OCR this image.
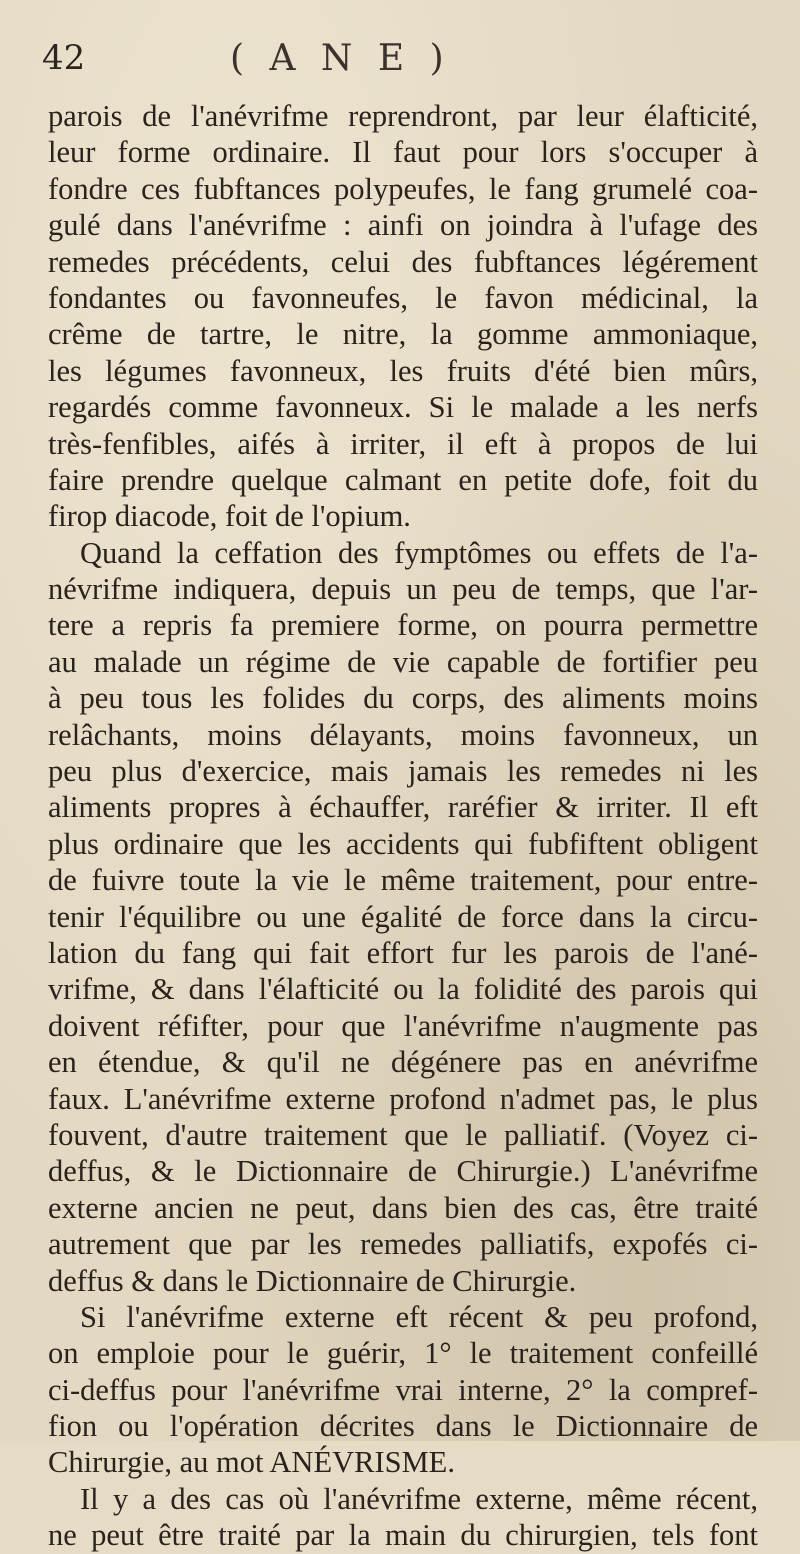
42	( A N E )
parois de l'anévrifme reprendront, par leur élafticité,
leur forme ordinaire. Il faut pour lors s'occuper à
fondre ces fubftances polypeufes, le fang grumelé coa-
gulé dans l'anévrifme : ainfi on joindra à l'ufage des
remedes précédents, celui des fubftances légérement
fondantes ou favonneufes, le favon médicinal, la
crême de tartre, le nitre, la gomme ammoniaque,
les légumes favonneux, les fruits d'été bien mûrs,
regardés comme favonneux. Si le malade a les nerfs
très-fenfibles, aifés à irriter, il eft à propos de lui
faire prendre quelque calmant en petite dofe, foit du
firop diacode, foit de l'opium.
Quand la ceffation des fymptômes ou effets de l'a-
névrifme indiquera, depuis un peu de temps, que l'ar-
tere a repris fa premiere forme, on pourra permettre
au malade un régime de vie capable de fortifier peu
à peu tous les folides du corps, des aliments moins
relâchants, moins délayants, moins favonneux, un
peu plus d'exercice, mais jamais les remedes ni les
aliments propres à échauffer, raréfier & irriter. Il eft
plus ordinaire que les accidents qui fubfiftent obligent
de fuivre toute la vie le même traitement, pour entre-
tenir l'équilibre ou une égalité de force dans la circu-
lation du fang qui fait effort fur les parois de l'ané-
vrifme, & dans l'élafticité ou la folidité des parois qui
doivent réfifter, pour que l'anévrifme n'augmente pas
en étendue, & qu'il ne dégénere pas en anévrifme
faux. L'anévrifme externe profond n'admet pas, le plus
fouvent, d'autre traitement que le palliatif. (Voyez ci-
deffus, & le Dictionnaire de Chirurgie.) L'anévrifme
externe ancien ne peut, dans bien des cas, être traité
autrement que par les remedes palliatifs, expofés ci-
deffus & dans le Dictionnaire de Chirurgie.
Si l'anévrifme externe eft récent & peu profond,
on emploie pour le guérir, 1° le traitement confeillé
ci-deffus pour l'anévrifme vrai interne, 2° la compref-
fion ou l'opération décrites dans le Dictionnaire de
Chirurgie, au mot ANÉVRISME.
Il y a des cas où l'anévrifme externe, même récent,
ne peut être traité par la main du chirurgien, tels font
